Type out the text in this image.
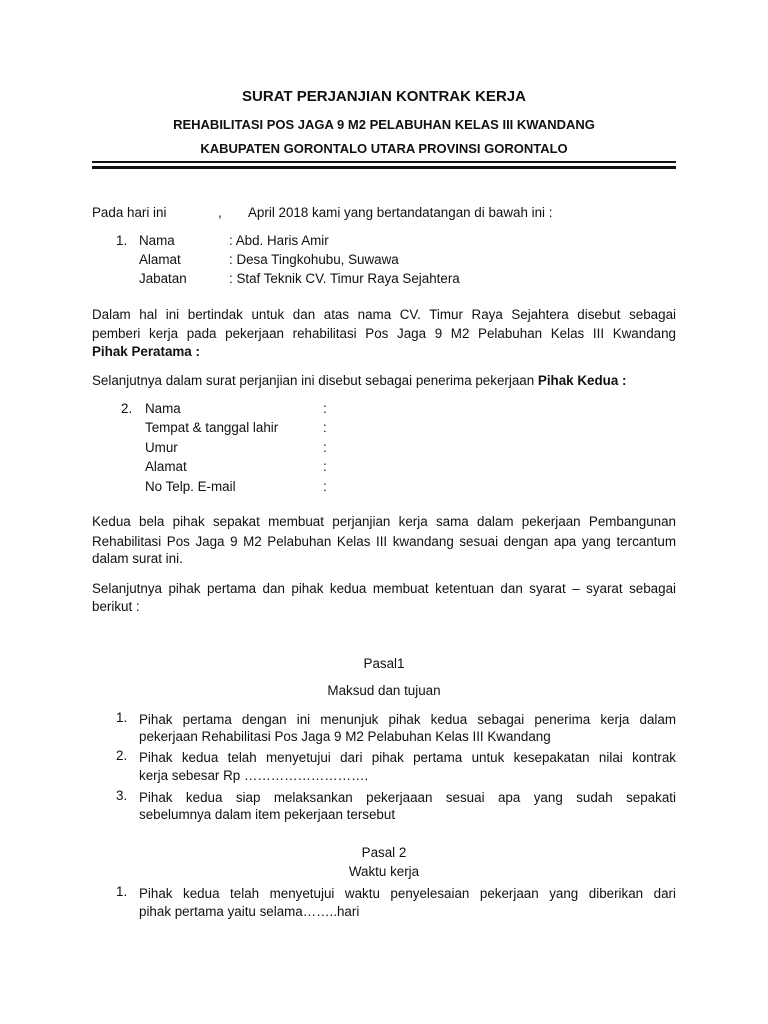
SURAT PERJANJIAN KONTRAK KERJA
REHABILITASI POS JAGA 9 M2 PELABUHAN KELAS III KWANDANG
KABUPATEN GORONTALO UTARA PROVINSI GORONTALO
Pada hari ini	, April 2018 kami yang bertandatangan di bawah ini :
1. Nama	: Abd. Haris Amir
Alamat	: Desa Tingkohubu, Suwawa
Jabatan	: Staf Teknik CV. Timur Raya Sejahtera
Dalam hal ini bertindak untuk dan atas nama CV. Timur Raya Sejahtera disebut sebagai
pemberi kerja pada pekerjaan rehabilitasi Pos Jaga 9 M2 Pelabuhan Kelas III Kwandang
Pihak Peratama :
Selanjutnya dalam surat perjanjian ini disebut sebagai penerima pekerjaan Pihak Kedua :
2. Nama	:
Tempat & tanggal lahir	:
Umur	:
Alamat	:
No Telp. E-mail	:
Kedua bela pihak sepakat membuat perjanjian kerja sama dalam pekerjaan Pembangunan
Rehabilitasi Pos Jaga 9 M2 Pelabuhan Kelas III kwandang sesuai dengan apa yang tercantum
dalam surat ini.
Selanjutnya pihak pertama dan pihak kedua membuat ketentuan dan syarat – syarat sebagai
berikut :
Pasal1
Maksud dan tujuan
1. Pihak pertama dengan ini menunjuk pihak kedua sebagai penerima kerja dalam
pekerjaan Rehabilitasi Pos Jaga 9 M2 Pelabuhan Kelas III Kwandang
2. Pihak kedua telah menyetujui dari pihak pertama untuk kesepakatan nilai kontrak
kerja sebesar Rp ……………………….
3. Pihak kedua siap melaksankan pekerjaaan sesuai apa yang sudah sepakati
sebelumnya dalam item pekerjaan tersebut
Pasal 2
Waktu kerja
1. Pihak kedua telah menyetujui waktu penyelesaian pekerjaan yang diberikan dari
pihak pertama yaitu selama……..hari
